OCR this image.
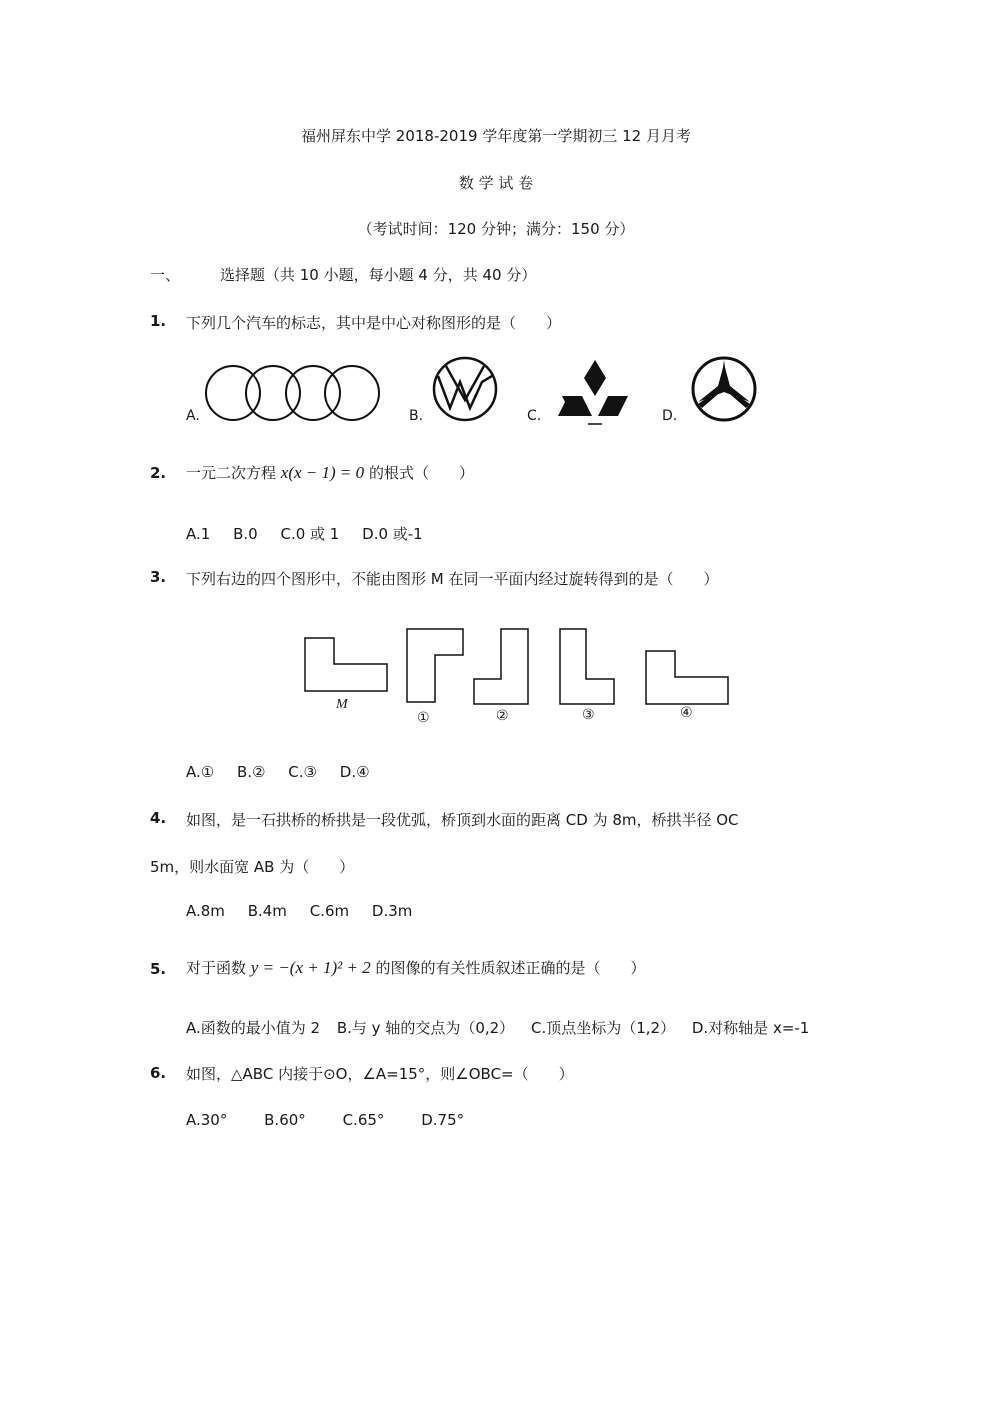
福州屏东中学 2018-2019 学年度第一学期初三 12 月月考
数 学 试 卷
（考试时间：120 分钟；满分：150 分）
一、	选择题（共 10 小题，每小题 4 分，共 40 分）
1. 下列几个汽车的标志，其中是中心对称图形的是（　　）
A.	B.	C.	D.
2. 一元二次方程 x(x − 1) = 0 的根式（　　）
A.1 B.0 C.0 或 1 D.0 或-1
3. 下列右边的四个图形中，不能由图形 M 在同一平面内经过旋转得到的是（　　）
M
①	②	③	④
A.① B.② C.③ D.④
4. 如图，是一石拱桥的桥拱是一段优弧，桥顶到水面的距离 CD 为 8m，桥拱半径 OC
5m，则水面宽 AB 为（　　）
A.8m B.4m C.6m D.3m
5. 对于函数 y = −(x + 1)² + 2 的图像的有关性质叙述正确的是（　　）
A.函数的最小值为 2 B.与 y 轴的交点为（0,2） C.顶点坐标为（1,2） D.对称轴是 x=-1
6. 如图，△ABC 内接于⊙O，∠A=15°，则∠OBC=（　　）
A.30° B.60° C.65° D.75°
